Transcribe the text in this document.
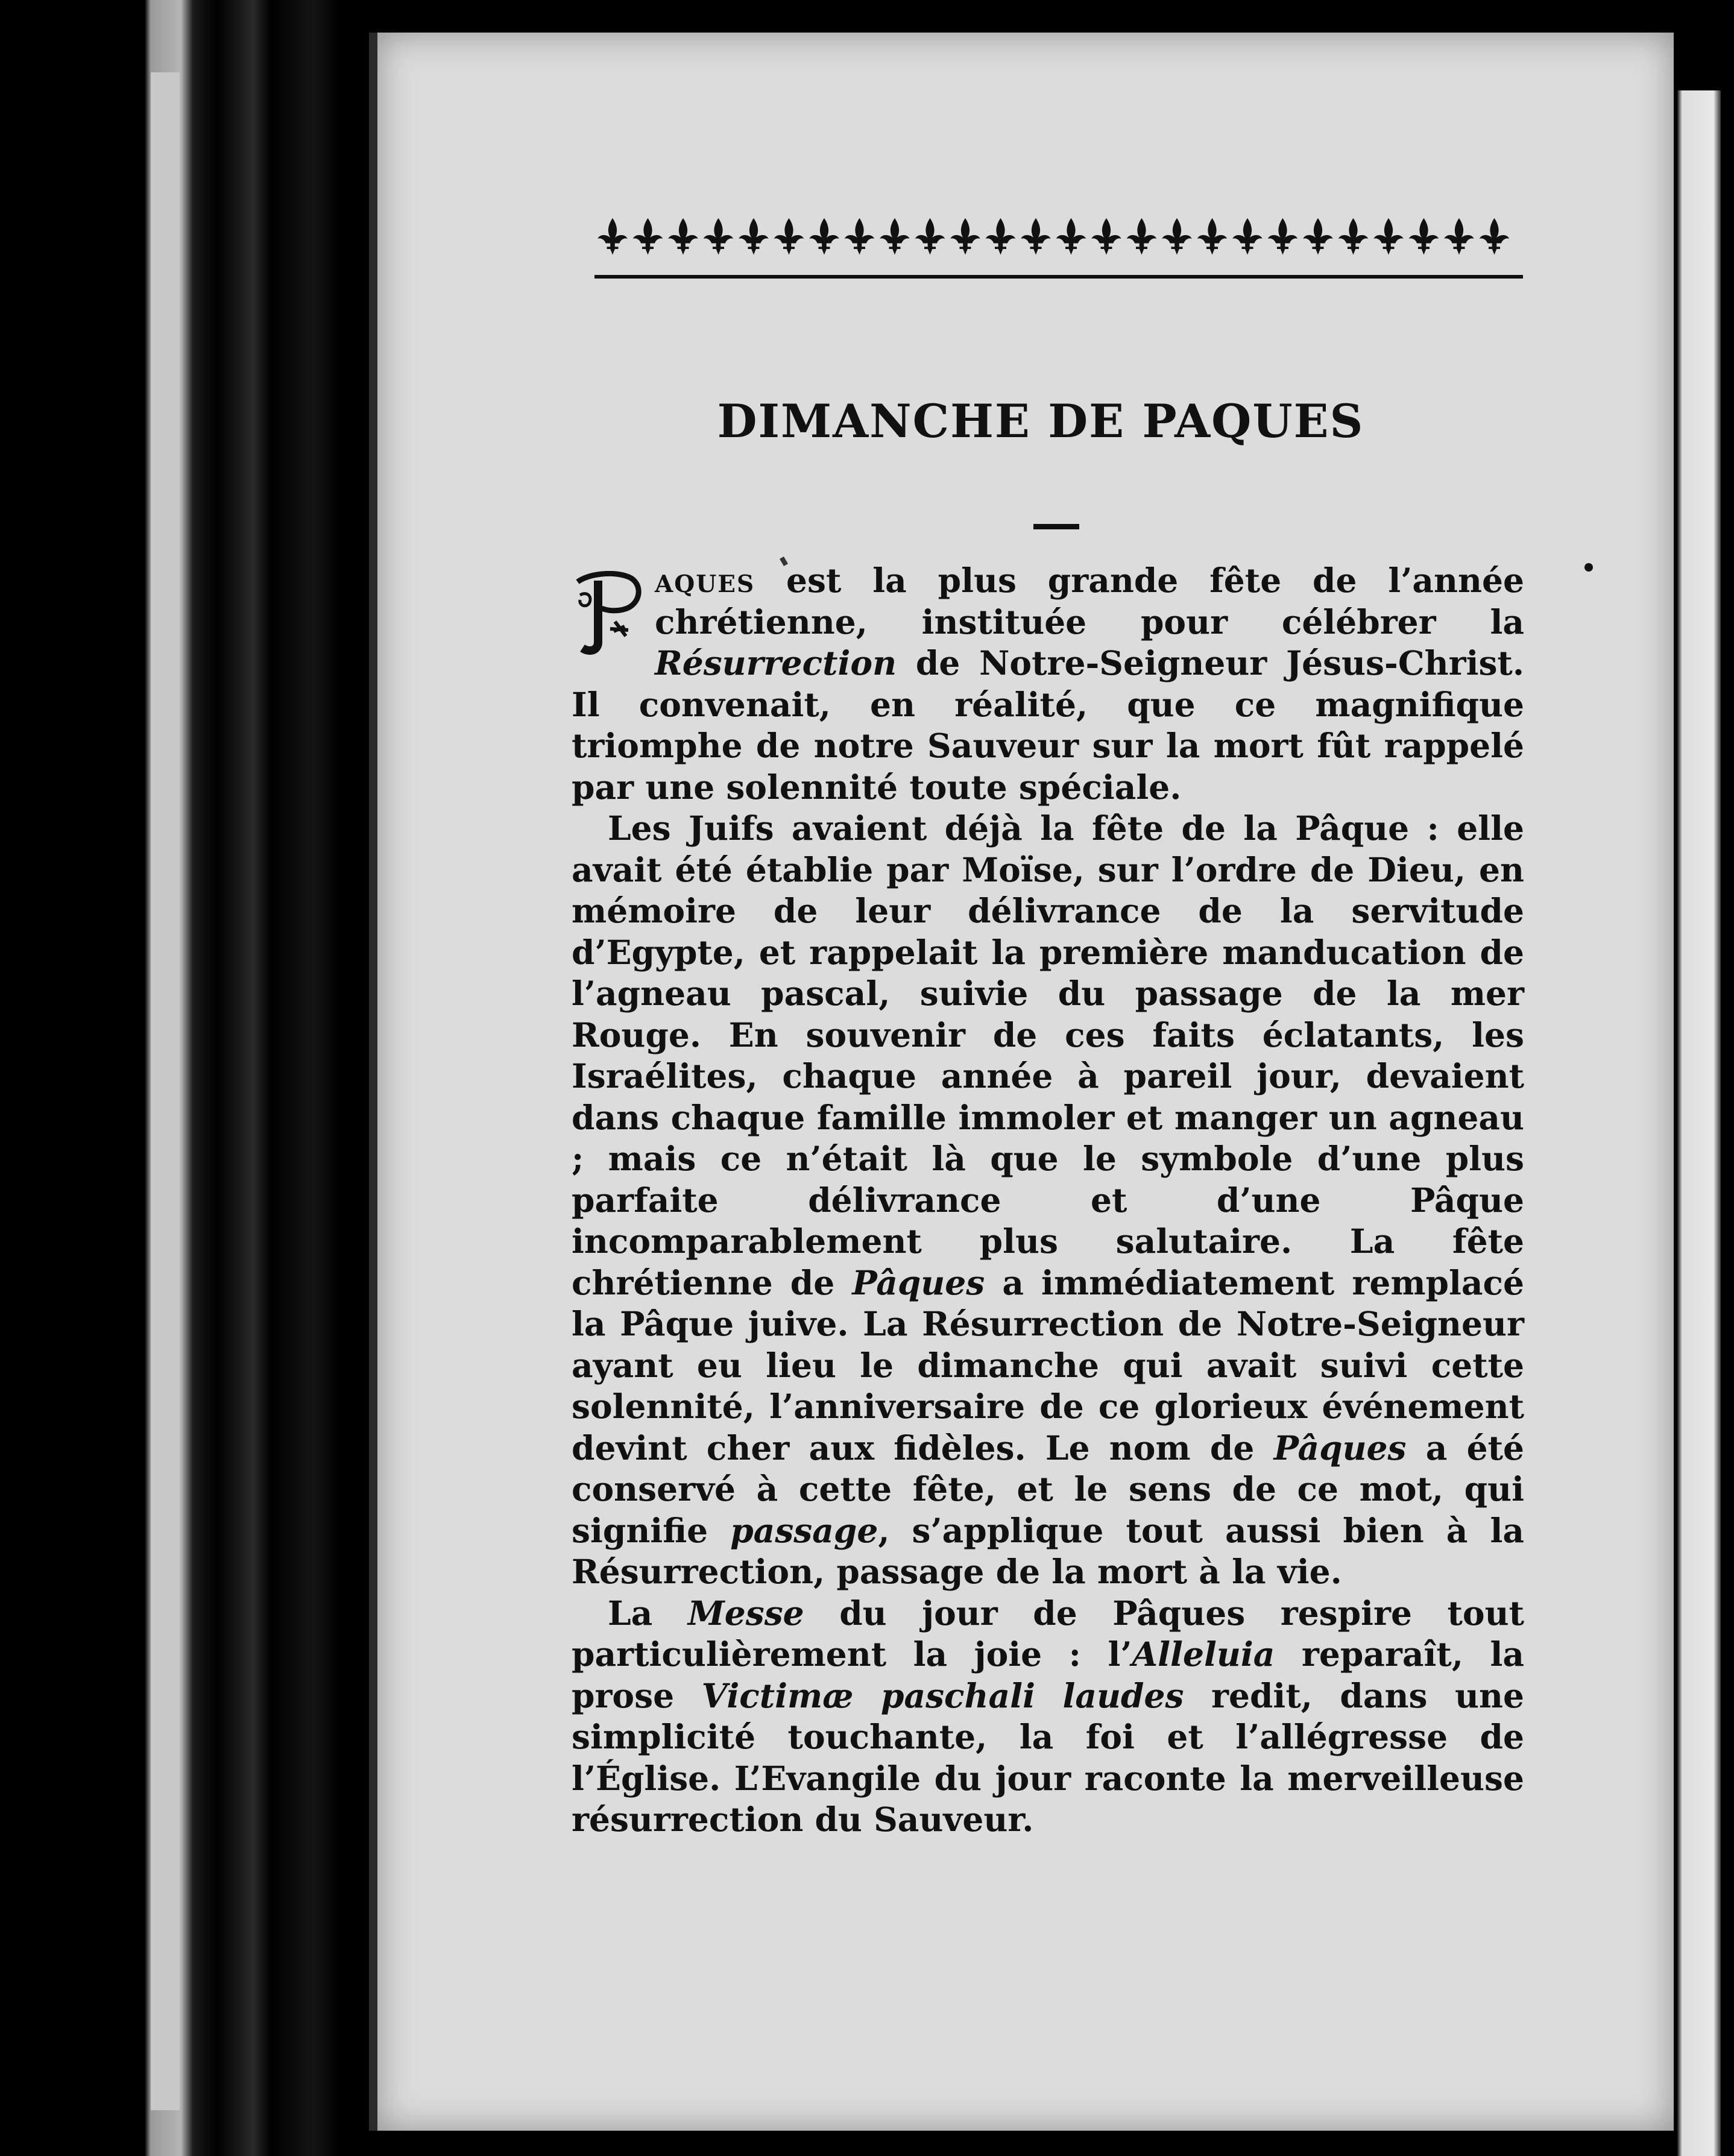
DIMANCHE DE PAQUES

aques est la plus grande fête de l’année chrétienne, instituée pour célébrer la Résurrection de Notre-Seigneur Jésus-Christ. Il convenait, en réalité, que ce magnifique triomphe de notre Sauveur sur la mort fût rappelé par une solennité toute spéciale.

Les Juifs avaient déjà la fête de la Pâque : elle avait été établie par Moïse, sur l’ordre de Dieu, en mémoire de leur délivrance de la servitude d’Egypte, et rappelait la première manducation de l’agneau pascal, suivie du passage de la mer Rouge. En souvenir de ces faits éclatants, les Israélites, chaque année à pareil jour, devaient dans chaque famille immoler et manger un agneau ; mais ce n’était là que le symbole d’une plus parfaite délivrance et d’une Pâque incomparablement plus salutaire. La fête chrétienne de Pâques a immédiatement remplacé la Pâque juive. La Résurrection de Notre-Seigneur ayant eu lieu le dimanche qui avait suivi cette solennité, l’anniversaire de ce glorieux événement devint cher aux fidèles. Le nom de Pâques a été conservé à cette fête, et le sens de ce mot, qui signifie passage, s’applique tout aussi bien à la Résurrection, passage de la mort à la vie.

La Messe du jour de Pâques respire tout particulièrement la joie : l’Alleluia reparaît, la prose Victimæ paschali laudes redit, dans une simplicité touchante, la foi et l’allégresse de l’Église. L’Evangile du jour raconte la merveilleuse résurrection du Sauveur.
